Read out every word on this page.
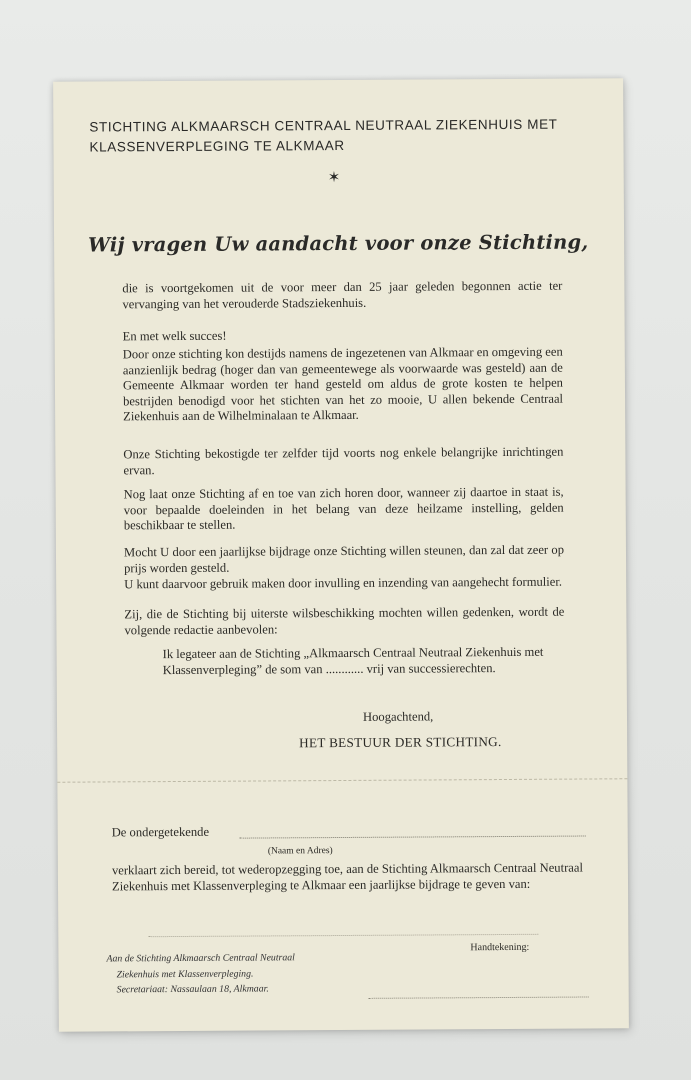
STICHTING ALKMAARSCH CENTRAAL NEUTRAAL ZIEKENHUIS MET
KLASSENVERPLEGING TE ALKMAAR
✶
Wij vragen Uw aandacht voor onze Stichting,
die is voortgekomen uit de voor meer dan 25 jaar geleden begonnen actie ter vervanging van het verouderde Stadsziekenhuis.
En met welk succes!
Door onze stichting kon destijds namens de ingezetenen van Alkmaar en omgeving een aanzienlijk bedrag (hoger dan van gemeentewege als voorwaarde was gesteld) aan de Gemeente Alkmaar worden ter hand gesteld om aldus de grote kosten te helpen bestrijden benodigd voor het stichten van het zo mooie, U allen bekende Centraal Ziekenhuis aan de Wilhelminalaan te Alkmaar.
Onze Stichting bekostigde ter zelfder tijd voorts nog enkele belangrijke inrichtingen ervan.
Nog laat onze Stichting af en toe van zich horen door, wanneer zij daartoe in staat is, voor bepaalde doeleinden in het belang van deze heilzame instelling, gelden beschikbaar te stellen.
Mocht U door een jaarlijkse bijdrage onze Stichting willen steunen, dan zal dat zeer op prijs worden gesteld.
U kunt daarvoor gebruik maken door invulling en inzending van aangehecht formulier.
Zij, die de Stichting bij uiterste wilsbeschikking mochten willen gedenken, wordt de volgende redactie aanbevolen:
Ik legateer aan de Stichting „Alkmaarsch Centraal Neutraal Ziekenhuis met Klassenverpleging” de som van ............ vrij van successierechten.
Hoogachtend,
HET BESTUUR DER STICHTING.
De ondergetekende
(Naam en Adres)
verklaart zich bereid, tot wederopzegging toe, aan de Stichting Alkmaarsch Centraal Neutraal Ziekenhuis met Klassenverpleging te Alkmaar een jaarlijkse bijdrage te geven van:
Aan de Stichting Alkmaarsch Centraal Neutraal
Ziekenhuis met Klassenverpleging.
Secretariaat: Nassaulaan 18, Alkmaar.
Handtekening:
